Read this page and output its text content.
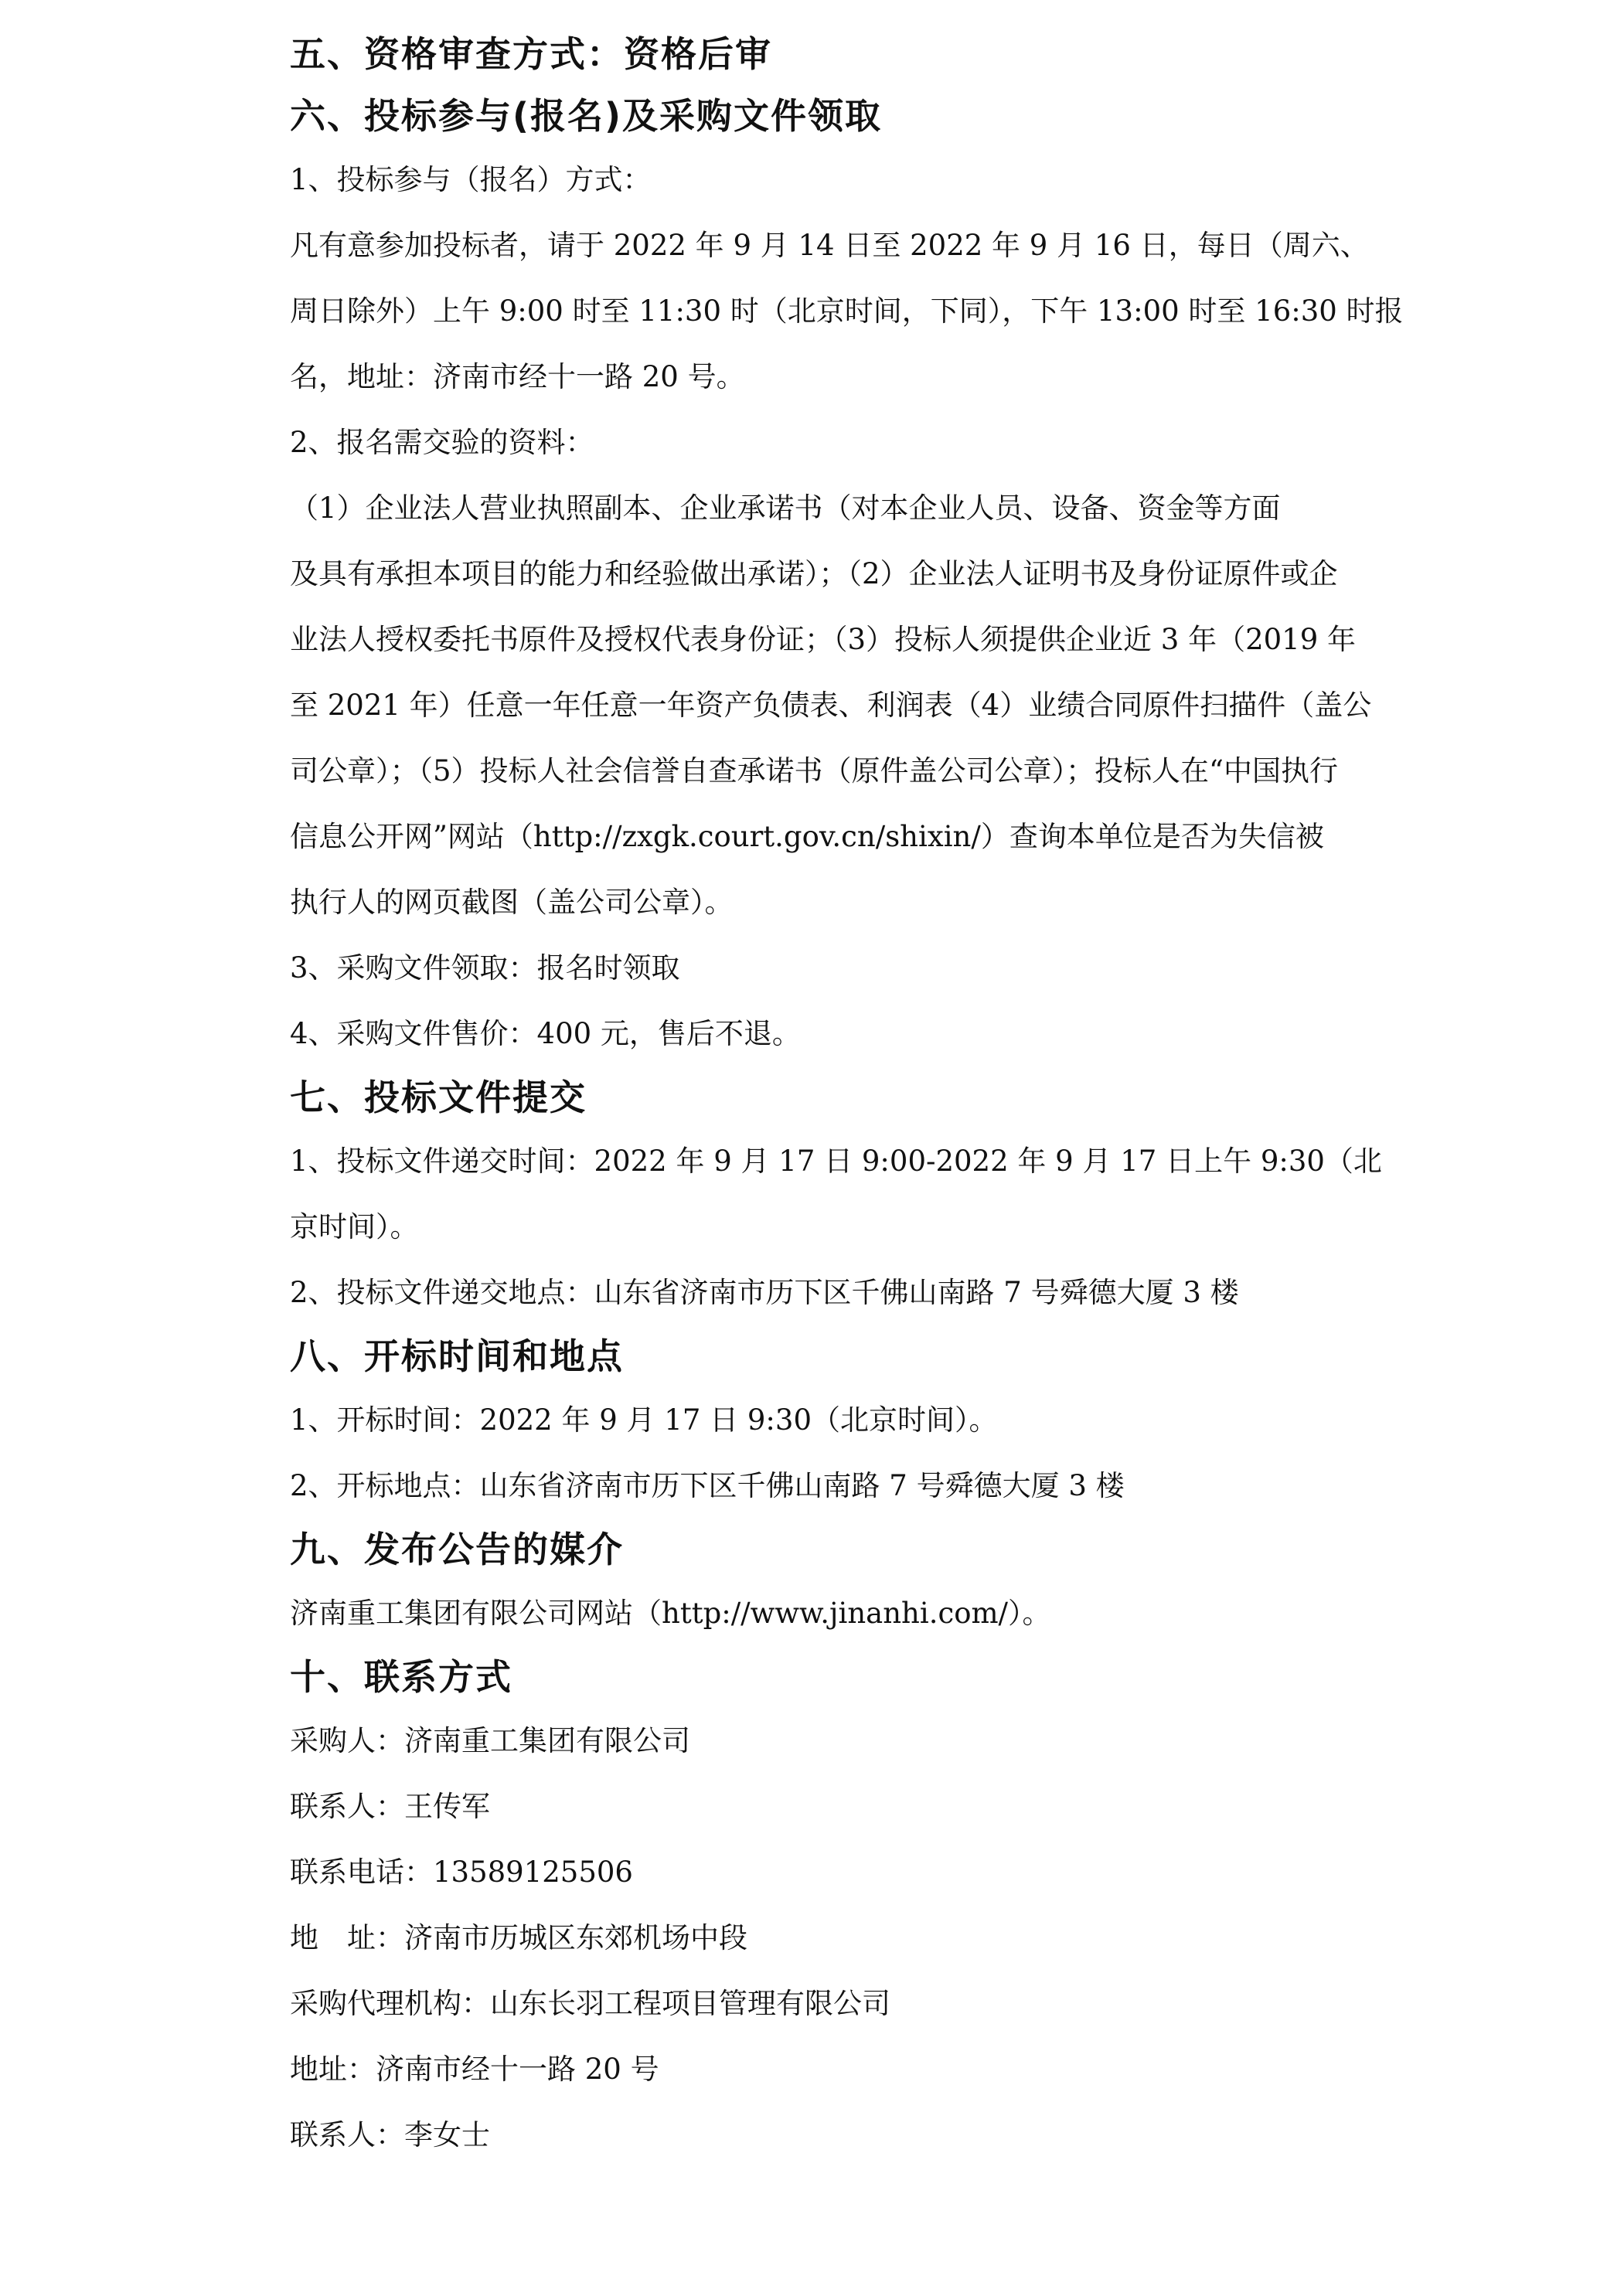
五、资格审查方式：资格后审
六、投标参与(报名)及采购文件领取

1、投标参与（报名）方式：

凡有意参加投标者，请于 2022 年 9 月 14 日至 2022 年 9 月 16 日，每日（周六、
周日除外）上午 9:00 时至 11:30 时（北京时间，下同），下午 13:00 时至 16:30 时报
名，地址：济南市经十一路 20 号。

2、报名需交验的资料：

（1）企业法人营业执照副本、企业承诺书（对本企业人员、设备、资金等方面
及具有承担本项目的能力和经验做出承诺）；（2）企业法人证明书及身份证原件或企
业法人授权委托书原件及授权代表身份证；（3）投标人须提供企业近 3 年（2019 年
至 2021 年）任意一年任意一年资产负债表、利润表（4）业绩合同原件扫描件（盖公
司公章）；（5）投标人社会信誉自查承诺书（原件盖公司公章）；投标人在“中国执行
信息公开网”网站（http://zxgk.court.gov.cn/shixin/）查询本单位是否为失信被
执行人的网页截图（盖公司公章）。

3、采购文件领取：报名时领取

4、采购文件售价：400 元，售后不退。

七、投标文件提交
1、投标文件递交时间：2022 年 9 月 17 日 9:00-2022 年 9 月 17 日上午 9:30（北
京时间）。

2、投标文件递交地点：山东省济南市历下区千佛山南路 7 号舜德大厦 3 楼

八、开标时间和地点

1、开标时间：2022 年 9 月 17 日 9:30（北京时间）。

2、开标地点：山东省济南市历下区千佛山南路 7 号舜德大厦 3 楼

九、发布公告的媒介

济南重工集团有限公司网站（http://www.jinanhi.com/）。

十、联系方式

采购人：济南重工集团有限公司

联系人：王传军

联系电话：13589125506

地　址：济南市历城区东郊机场中段

采购代理机构：山东长羽工程项目管理有限公司

地址：济南市经十一路 20 号

联系人：李女士
